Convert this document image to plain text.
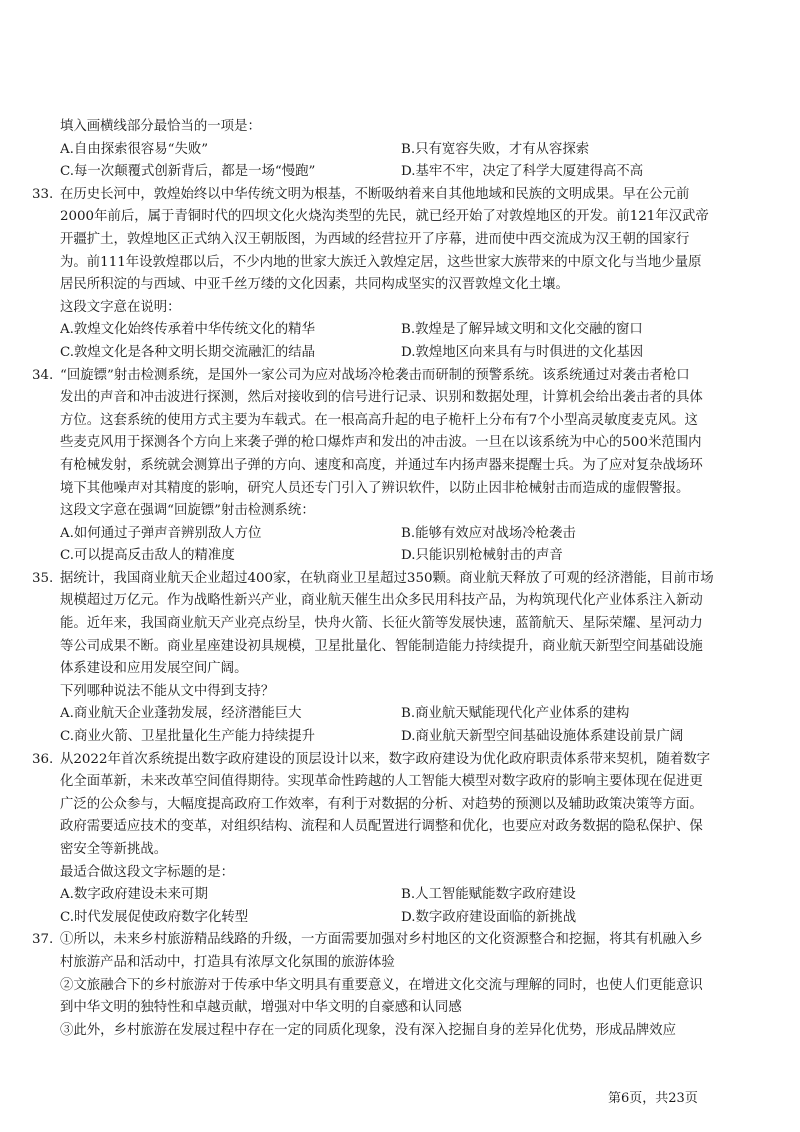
填入画横线部分最恰当的一项是：

A.自由探索很容易“失败”	B.只有宽容失败，才有从容探索
C.每一次颠覆式创新背后，都是一场“慢跑”	D.基牢不牢，决定了科学大厦建得高不高
33. 在历史长河中，敦煌始终以中华传统文明为根基，不断吸纳着来自其他地域和民族的文明成果。早在公元前

2000年前后，属于青铜时代的四坝文化火烧沟类型的先民，就已经开始了对敦煌地区的开发。前121年汉武帝

开疆扩土，敦煌地区正式纳入汉王朝版图，为西域的经营拉开了序幕，进而使中西交流成为汉王朝的国家行

为。前111年设敦煌郡以后，不少内地的世家大族迁入敦煌定居，这些世家大族带来的中原文化与当地少量原

居民所积淀的与西域、中亚千丝万缕的文化因素，共同构成坚实的汉晋敦煌文化土壤。

这段文字意在说明：

A.敦煌文化始终传承着中华传统文化的精华	B.敦煌是了解异域文明和文化交融的窗口
C.敦煌文化是各种文明长期交流融汇的结晶	D.敦煌地区向来具有与时俱进的文化基因
34. “回旋镖”射击检测系统，是国外一家公司为应对战场冷枪袭击而研制的预警系统。该系统通过对袭击者枪口

发出的声音和冲击波进行探测，然后对接收到的信号进行记录、识别和数据处理，计算机会给出袭击者的具体

方位。这套系统的使用方式主要为车载式。在一根高高升起的电子桅杆上分布有7个小型高灵敏度麦克风。这

些麦克风用于探测各个方向上来袭子弹的枪口爆炸声和发出的冲击波。一旦在以该系统为中心的500米范围内

有枪械发射，系统就会测算出子弹的方向、速度和高度，并通过车内扬声器来提醒士兵。为了应对复杂战场环

境下其他噪声对其精度的影响，研究人员还专门引入了辨识软件，以防止因非枪械射击而造成的虚假警报。

这段文字意在强调“回旋镖”射击检测系统：

A.如何通过子弹声音辨别敌人方位	B.能够有效应对战场冷枪袭击
C.可以提高反击敌人的精准度	D.只能识别枪械射击的声音
35. 据统计，我国商业航天企业超过400家，在轨商业卫星超过350颗。商业航天释放了可观的经济潜能，目前市场

规模超过万亿元。作为战略性新兴产业，商业航天催生出众多民用科技产品，为构筑现代化产业体系注入新动

能。近年来，我国商业航天产业亮点纷呈，快舟火箭、长征火箭等发展快速，蓝箭航天、星际荣耀、星河动力

等公司成果不断。商业星座建设初具规模，卫星批量化、智能制造能力持续提升，商业航天新型空间基础设施

体系建设和应用发展空间广阔。

下列哪种说法不能从文中得到支持？

A.商业航天企业蓬勃发展，经济潜能巨大	B.商业航天赋能现代化产业体系的建构
C.商业火箭、卫星批量化生产能力持续提升	D.商业航天新型空间基础设施体系建设前景广阔
36. 从2022年首次系统提出数字政府建设的顶层设计以来，数字政府建设为优化政府职责体系带来契机，随着数字

化全面革新，未来改革空间值得期待。实现革命性跨越的人工智能大模型对数字政府的影响主要体现在促进更

广泛的公众参与，大幅度提高政府工作效率，有利于对数据的分析、对趋势的预测以及辅助政策决策等方面。

政府需要适应技术的变革，对组织结构、流程和人员配置进行调整和优化，也要应对政务数据的隐私保护、保

密安全等新挑战。

最适合做这段文字标题的是：

A.数字政府建设未来可期	B.人工智能赋能数字政府建设
C.时代发展促使政府数字化转型	D.数字政府建设面临的新挑战
37. ①所以，未来乡村旅游精品线路的升级，一方面需要加强对乡村地区的文化资源整合和挖掘，将其有机融入乡

村旅游产品和活动中，打造具有浓厚文化氛围的旅游体验

②文旅融合下的乡村旅游对于传承中华文明具有重要意义，在增进文化交流与理解的同时，也使人们更能意识

到中华文明的独特性和卓越贡献，增强对中华文明的自豪感和认同感

③此外，乡村旅游在发展过程中存在一定的同质化现象，没有深入挖掘自身的差异化优势，形成品牌效应

第6页，共23页
